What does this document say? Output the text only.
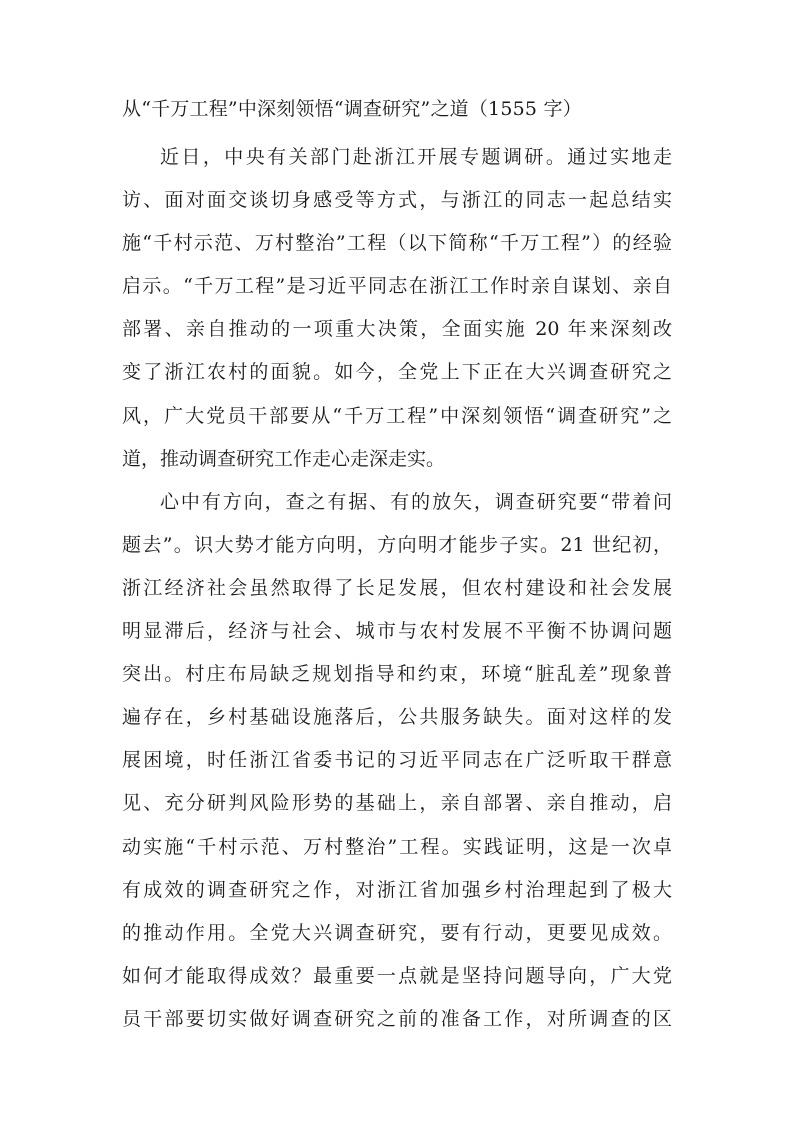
从“千万工程”中深刻领悟“调查研究”之道（1555 字）
近日，中央有关部门赴浙江开展专题调研。通过实地走
访、面对面交谈切身感受等方式，与浙江的同志一起总结实
施“千村示范、万村整治”工程（以下简称“千万工程”）的经验
启示。“千万工程”是习近平同志在浙江工作时亲自谋划、亲自
部署、亲自推动的一项重大决策，全面实施 20 年来深刻改
变了浙江农村的面貌。如今，全党上下正在大兴调查研究之
风，广大党员干部要从“千万工程”中深刻领悟“调查研究”之
道，推动调查研究工作走心走深走实。
心中有方向，查之有据、有的放矢，调查研究要“带着问
题去”。识大势才能方向明，方向明才能步子实。21 世纪初，
浙江经济社会虽然取得了长足发展，但农村建设和社会发展
明显滞后，经济与社会、城市与农村发展不平衡不协调问题
突出。村庄布局缺乏规划指导和约束，环境“脏乱差”现象普
遍存在，乡村基础设施落后，公共服务缺失。面对这样的发
展困境，时任浙江省委书记的习近平同志在广泛听取干群意
见、充分研判风险形势的基础上，亲自部署、亲自推动，启
动实施“千村示范、万村整治”工程。实践证明，这是一次卓
有成效的调查研究之作，对浙江省加强乡村治理起到了极大
的推动作用。全党大兴调查研究，要有行动，更要见成效。
如何才能取得成效？最重要一点就是坚持问题导向，广大党
员干部要切实做好调查研究之前的准备工作，对所调查的区
